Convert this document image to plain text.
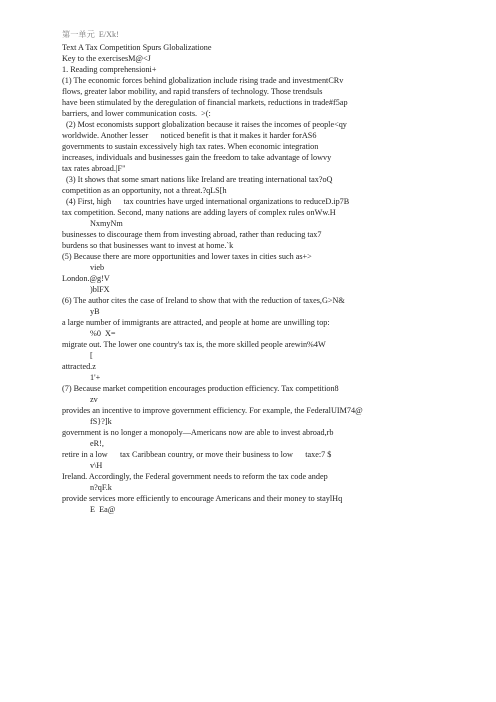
第一单元  E/Xk!
Text A Tax Competition Spurs Globalizatione
Key to the exercisesM@<J
1. Reading comprehensioni+
(1) The economic forces behind globalization include rising trade and investmentCRv
flows, greater labor mobility, and rapid transfers of technology. Those trendsuls
have been stimulated by the deregulation of financial markets, reductions in trade#f5ap
barriers, and lower communication costs.  >(:
(2) Most economists support globalization because it raises the incomes of people<qy
worldwide. Another lesser      noticed benefit is that it makes it harder forAS6
governments to sustain excessively high tax rates. When economic integration
increases, individuals and businesses gain the freedom to take advantage of lowvy
tax rates abroad.|F"
(3) It shows that some smart nations like Ireland are treating international tax?oQ
competition as an opportunity, not a threat.?qLS[h
(4) First, high      tax countries have urged international organizations to reduceD.ip7B
tax competition. Second, many nations are adding layers of complex rules onWw.H
NxmyNm
businesses to discourage them from investing abroad, rather than reducing tax7
burdens so that businesses want to invest at home.`k
(5) Because there are more opportunities and lower taxes in cities such as+>
vieb
London.@g!V
)blFX
(6) The author cites the case of Ireland to show that with the reduction of taxes,G>N&
yB
a large number of immigrants are attracted, and people at home are unwilling top:
%0  X=
migrate out. The lower one country's tax is, the more skilled people arewin%4W
[
attracted.z
1'+
(7) Because market competition encourages production efficiency. Tax competition8
zv
provides an incentive to improve government efficiency. For example, the FederalUIM74@
fS}?]k
government is no longer a monopoly—Americans now are able to invest abroad,rb
eR!,
retire in a low      tax Caribbean country, or move their business to low      taxe:7 $
v\H
Ireland. Accordingly, the Federal government needs to reform the tax code andep
n?qF.k
provide services more efficiently to encourage Americans and their money to staylHq
E  Ea@
